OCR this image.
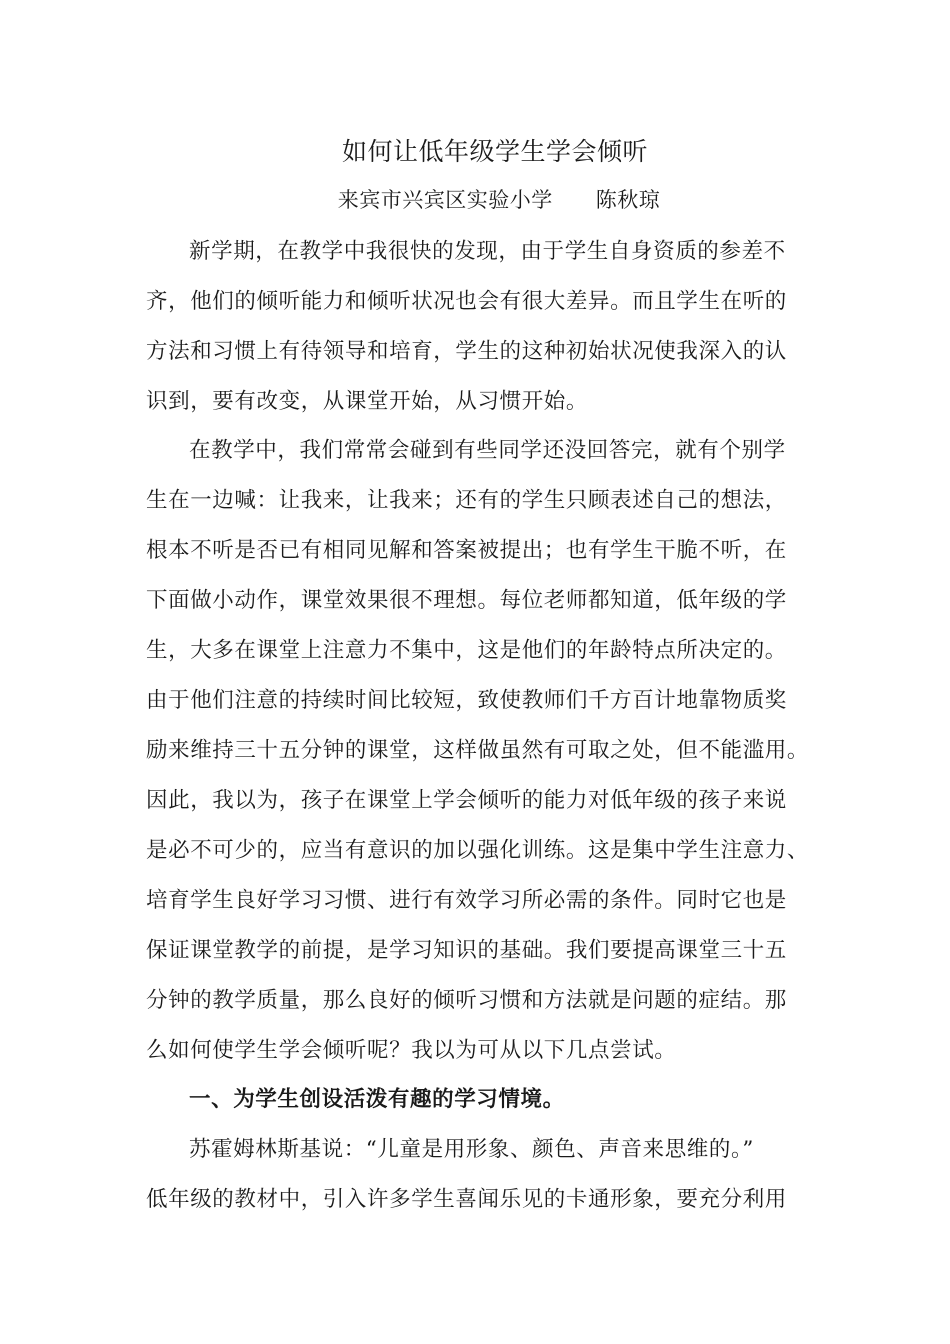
如何让低年级学生学会倾听
来宾市兴宾区实验小学      陈秋琼
新学期，在教学中我很快的发现，由于学生自身资质的参差不
齐，他们的倾听能力和倾听状况也会有很大差异。而且学生在听的
方法和习惯上有待领导和培育，学生的这种初始状况使我深入的认
识到，要有改变，从课堂开始，从习惯开始。
在教学中，我们常常会碰到有些同学还没回答完，就有个别学
生在一边喊：让我来，让我来；还有的学生只顾表述自己的想法，
根本不听是否已有相同见解和答案被提出；也有学生干脆不听，在
下面做小动作，课堂效果很不理想。每位老师都知道，低年级的学
生，大多在课堂上注意力不集中，这是他们的年龄特点所决定的。
由于他们注意的持续时间比较短，致使教师们千方百计地靠物质奖
励来维持三十五分钟的课堂，这样做虽然有可取之处，但不能滥用。
因此，我以为，孩子在课堂上学会倾听的能力对低年级的孩子来说
是必不可少的，应当有意识的加以强化训练。这是集中学生注意力、
培育学生良好学习习惯、进行有效学习所必需的条件。同时它也是
保证课堂教学的前提，是学习知识的基础。我们要提高课堂三十五
分钟的教学质量，那么良好的倾听习惯和方法就是问题的症结。那
么如何使学生学会倾听呢？我以为可从以下几点尝试。
一、为学生创设活泼有趣的学习情境。
苏霍姆林斯基说：“儿童是用形象、颜色、声音来思维的。”
低年级的教材中，引入许多学生喜闻乐见的卡通形象，要充分利用
